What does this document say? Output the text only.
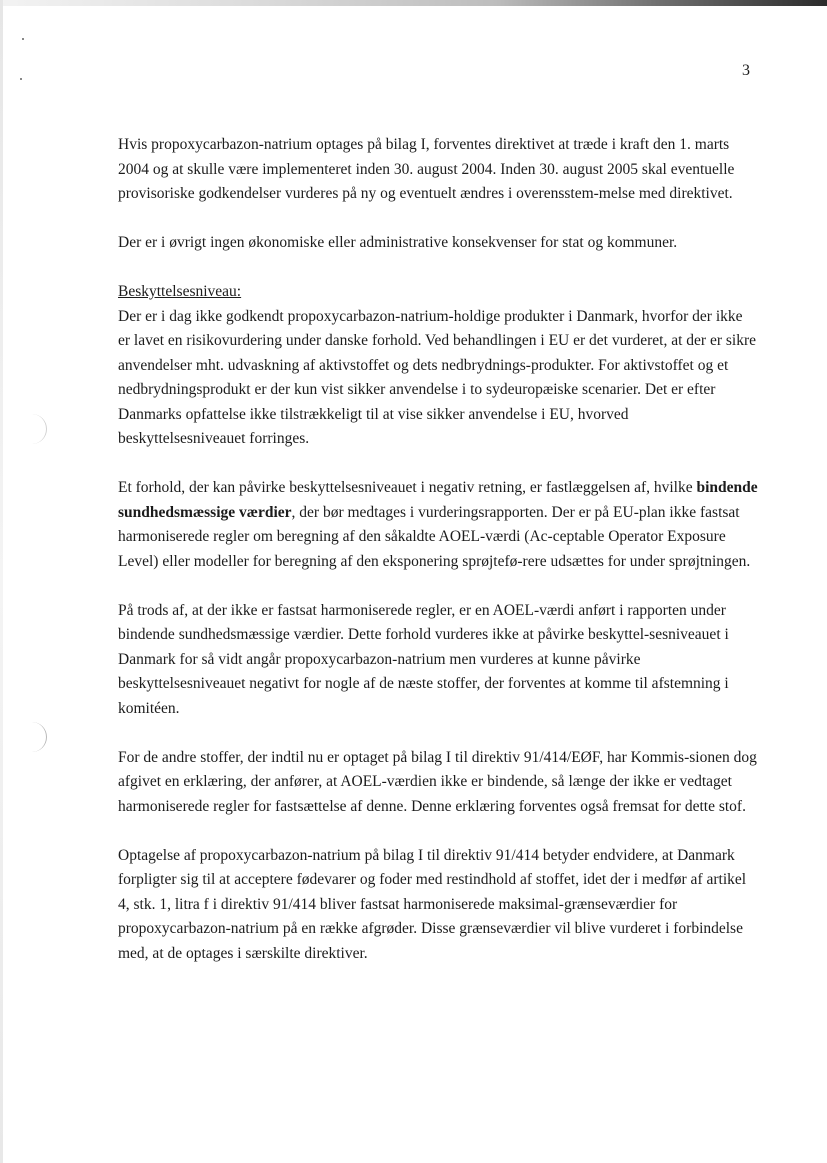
3

Hvis propoxycarbazon-natrium optages på bilag I, forventes direktivet at træde i kraft den 1. marts 2004 og at skulle være implementeret inden 30. august 2004. Inden 30. august 2005 skal eventuelle provisoriske godkendelser vurderes på ny og eventuelt ændres i overensstem-melse med direktivet.

Der er i øvrigt ingen økonomiske eller administrative konsekvenser for stat og kommuner.

Beskyttelsesniveau:

Der er i dag ikke godkendt propoxycarbazon-natrium-holdige produkter i Danmark, hvorfor der ikke er lavet en risikovurdering under danske forhold. Ved behandlingen i EU er det vurderet, at der er sikre anvendelser mht. udvaskning af aktivstoffet og dets nedbrydnings-produkter. For aktivstoffet og et nedbrydningsprodukt er der kun vist sikker anvendelse i to sydeuropæiske scenarier. Det er efter Danmarks opfattelse ikke tilstrækkeligt til at vise sikker anvendelse i EU, hvorved beskyttelsesniveauet forringes.

Et forhold, der kan påvirke beskyttelsesniveauet i negativ retning, er fastlæggelsen af, hvilke bindende sundhedsmæssige værdier, der bør medtages i vurderingsrapporten. Der er på EU-plan ikke fastsat harmoniserede regler om beregning af den såkaldte AOEL-værdi (Ac-ceptable Operator Exposure Level) eller modeller for beregning af den eksponering sprøjtefø-rere udsættes for under sprøjtningen.

På trods af, at der ikke er fastsat harmoniserede regler, er en AOEL-værdi anført i rapporten under bindende sundhedsmæssige værdier. Dette forhold vurderes ikke at påvirke beskyttel-sesniveauet i Danmark for så vidt angår propoxycarbazon-natrium men vurderes at kunne påvirke beskyttelsesniveauet negativt for nogle af de næste stoffer, der forventes at komme til afstemning i komitéen.

For de andre stoffer, der indtil nu er optaget på bilag I til direktiv 91/414/EØF, har Kommis-sionen dog afgivet en erklæring, der anfører, at AOEL-værdien ikke er bindende, så længe der ikke er vedtaget harmoniserede regler for fastsættelse af denne. Denne erklæring forventes også fremsat for dette stof.

Optagelse af propoxycarbazon-natrium på bilag I til direktiv 91/414 betyder endvidere, at Danmark forpligter sig til at acceptere fødevarer og foder med restindhold af stoffet, idet der i medfør af artikel 4, stk. 1, litra f i direktiv 91/414 bliver fastsat harmoniserede maksimal-grænseværdier for propoxycarbazon-natrium på en række afgrøder. Disse grænseværdier vil blive vurderet i forbindelse med, at de optages i særskilte direktiver.
